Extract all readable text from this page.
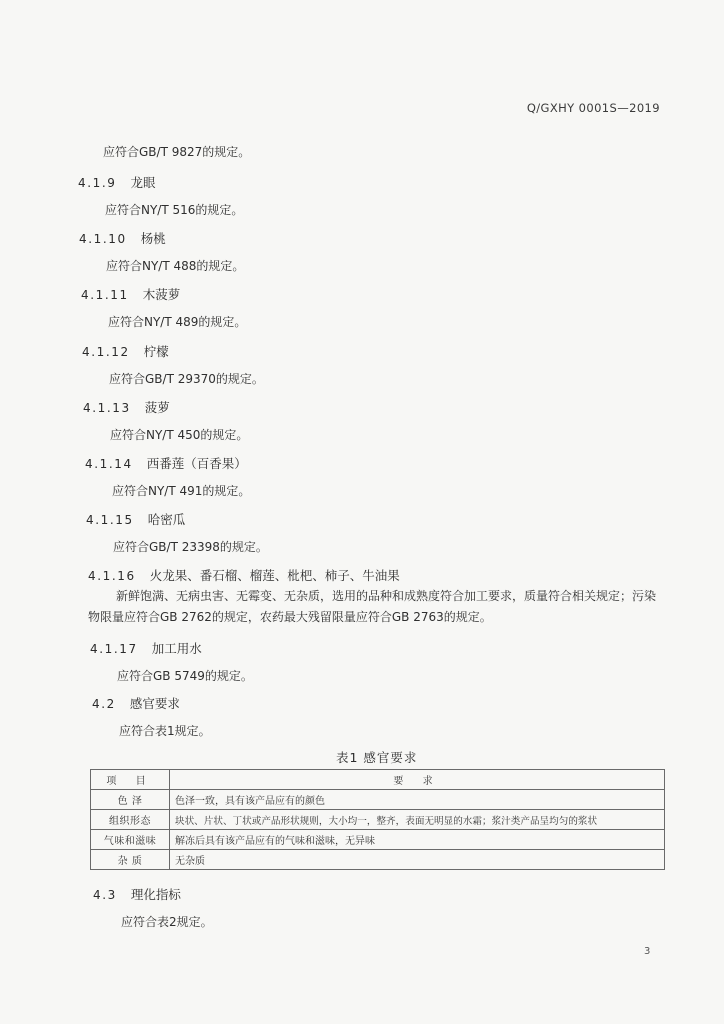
Q/GXHY 0001S—2019
应符合GB/T 9827的规定。
4.1.9 龙眼
应符合NY/T 516的规定。
4.1.10 杨桃
应符合NY/T 488的规定。
4.1.11 木菠萝
应符合NY/T 489的规定。
4.1.12 柠檬
应符合GB/T 29370的规定。
4.1.13 菠萝
应符合NY/T 450的规定。
4.1.14 西番莲（百香果）
应符合NY/T 491的规定。
4.1.15 哈密瓜
应符合GB/T 23398的规定。
4.1.16 火龙果、番石榴、榴莲、枇杷、柿子、牛油果
新鲜饱满、无病虫害、无霉变、无杂质，选用的品种和成熟度符合加工要求，质量符合相关规定；污染物限量应符合GB 2762的规定，农药最大残留限量应符合GB 2763的规定。
4.1.17 加工用水
应符合GB 5749的规定。
4.2 感官要求
应符合表1规定。
表1 感官要求
项 目	要 求
色 泽	色泽一致，具有该产品应有的颜色
组织形态	块状、片状、丁状或产品形状规则，大小均一，整齐，表面无明显的水霜；浆汁类产品呈均匀的浆状
气味和滋味	解冻后具有该产品应有的气味和滋味，无异味
杂 质	无杂质
4.3 理化指标
应符合表2规定。
3
